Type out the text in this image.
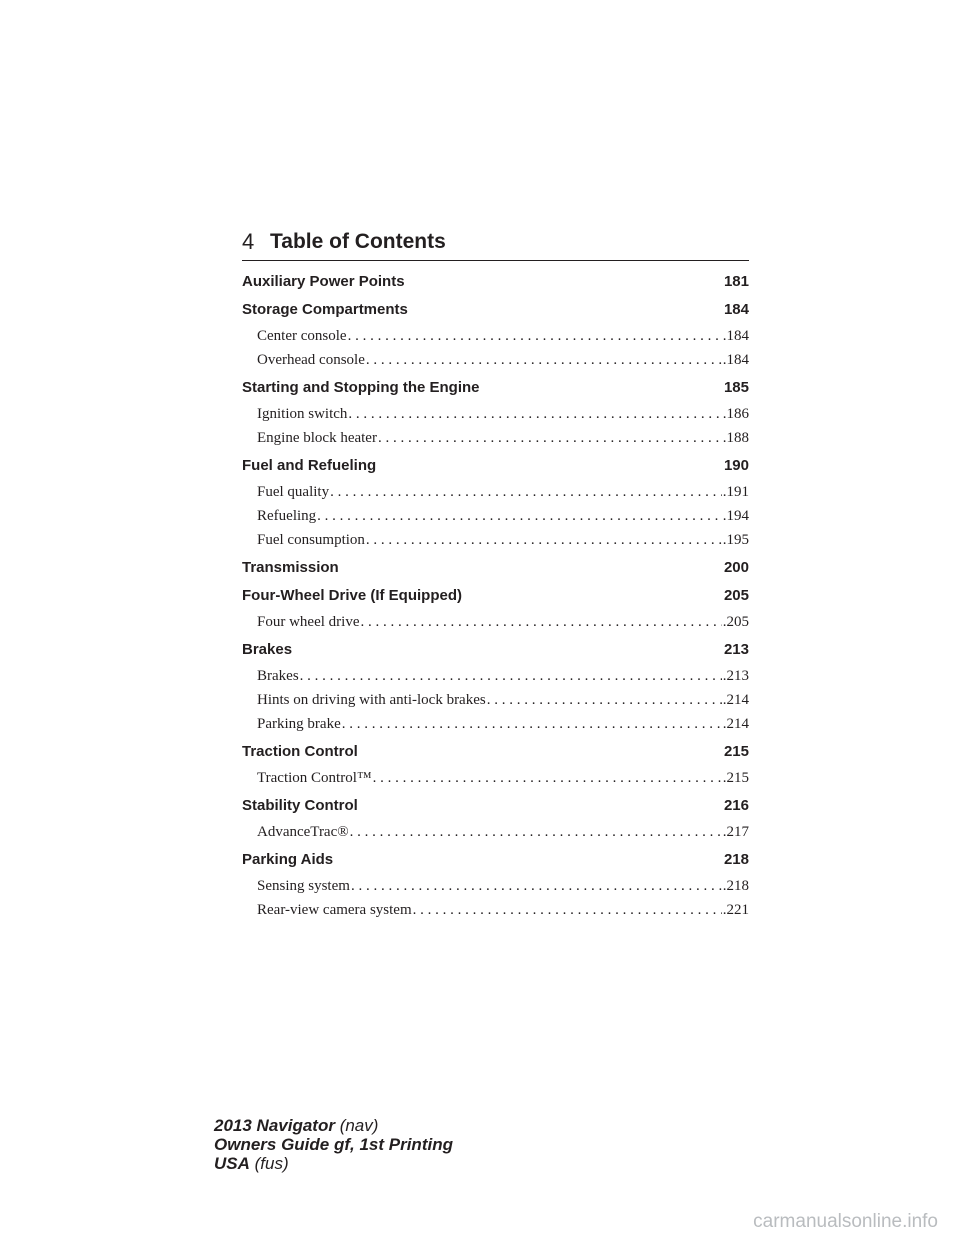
4 Table of Contents
Auxiliary Power Points	181
Storage Compartments	184
Center console . . .	.184
Overhead console . . .	.184
Starting and Stopping the Engine	185
Ignition switch . . .	.186
Engine block heater . . .	.188
Fuel and Refueling	190
Fuel quality . . .	.191
Refueling . . .	.194
Fuel consumption . . .	.195
Transmission	200
Four-Wheel Drive (If Equipped)	205
Four wheel drive . . .	.205
Brakes	213
Brakes . . .	.213
Hints on driving with anti-lock brakes . . .	.214
Parking brake . . .	.214
Traction Control	215
Traction Control™ . . .	.215
Stability Control	216
AdvanceTrac® . . .	.217
Parking Aids	218
Sensing system . . .	.218
Rear-view camera system . . .	.221
2013 Navigator (nav)
Owners Guide gf, 1st Printing
USA (fus)
carmanualsonline.info
